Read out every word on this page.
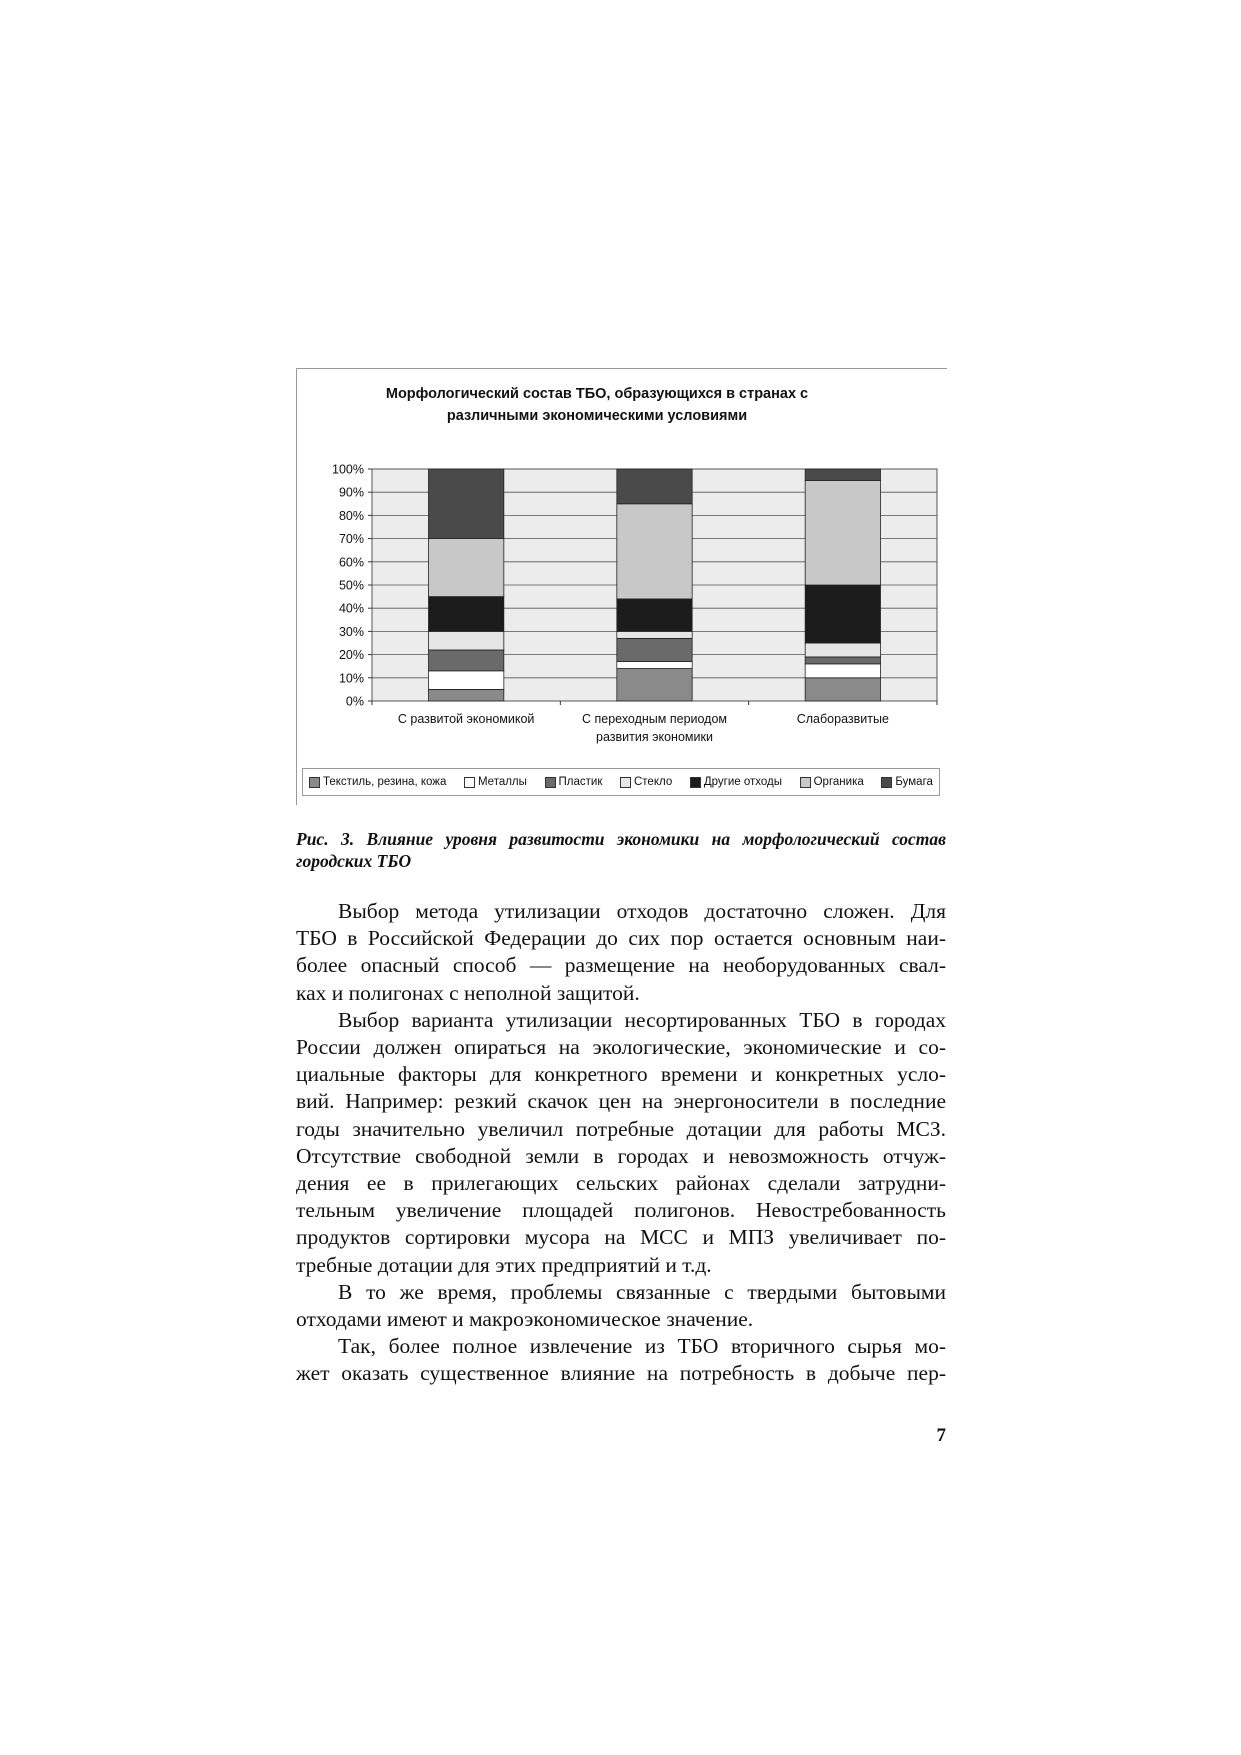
Морфологический состав ТБО, образующихся в странах с
различными экономическими условиями
0%
10%
20%
30%
40%
50%
60%
70%
80%
90%
100%
С развитой экономикой	С переходным периодом
развития экономики
Слаборазвитые
Текстиль, резина, кожа	Металлы	Пластик	Стекло	Другие отходы	Органика	Бумага
Рис. 3. Влияние уровня развитости экономики на морфологический состав городских ТБО

Выбор метода утилизации отходов достаточно сложен. Для
ТБО в Российской Федерации до сих пор остается основным наи-
более опасный способ — размещение на необорудованных свал-
ках и полигонах с неполной защитой.

Выбор варианта утилизации несортированных ТБО в городах
России должен опираться на экологические, экономические и со-
циальные факторы для конкретного времени и конкретных усло-
вий. Например: резкий скачок цен на энергоносители в последние
годы значительно увеличил потребные дотации для работы МСЗ.
Отсутствие свободной земли в городах и невозможность отчуж-
дения ее в прилегающих сельских районах сделали затрудни-
тельным увеличение площадей полигонов. Невостребованность
продуктов сортировки мусора на МСС и МПЗ увеличивает по-
требные дотации для этих предприятий и т.д.

В то же время, проблемы связанные с твердыми бытовыми
отходами имеют и макроэкономическое значение.

Так, более полное извлечение из ТБО вторичного сырья мо-
жет оказать существенное влияние на потребность в добыче пер-

7
